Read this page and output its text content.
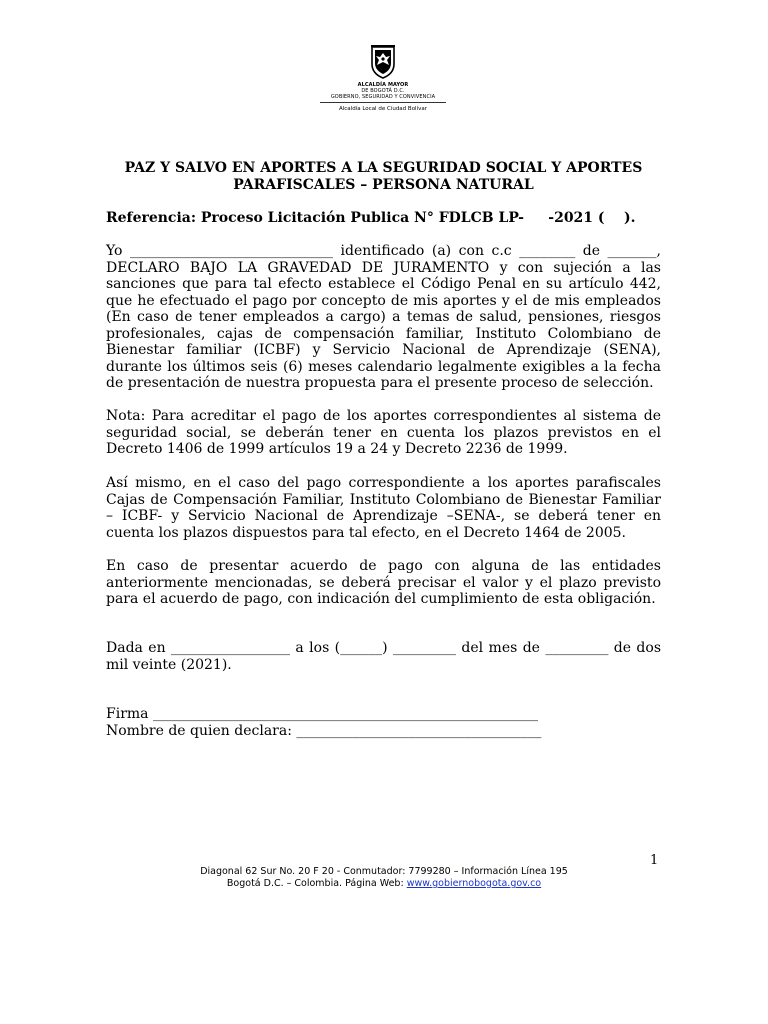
ALCALDÍA MAYOR
DE BOGOTÁ D.C.
GOBIERNO, SEGURIDAD Y CONVIVENCIA
Alcaldía Local de Ciudad Bolívar
PAZ Y SALVO EN APORTES A LA SEGURIDAD SOCIAL Y APORTES
PARAFISCALES – PERSONA NATURAL
Referencia: Proceso Licitación Publica N° FDLCB LP-     -2021 (    ).
Yo _____________________________ identificado (a) con c.c ________ de _______, DECLARO BAJO LA GRAVEDAD DE JURAMENTO y con sujeción a las sanciones que para tal efecto establece el Código Penal en su artículo 442, que he efectuado el pago por concepto de mis aportes y el de mis empleados (En caso de tener empleados a cargo) a temas de salud, pensiones, riesgos profesionales, cajas de compensación familiar, Instituto Colombiano de Bienestar familiar (ICBF) y Servicio Nacional de Aprendizaje (SENA), durante los últimos seis (6) meses calendario legalmente exigibles a la fecha de presentación de nuestra propuesta para el presente proceso de selección.
Nota: Para acreditar el pago de los aportes correspondientes al sistema de seguridad social, se deberán tener en cuenta los plazos previstos en el Decreto 1406 de 1999 artículos 19 a 24 y Decreto 2236 de 1999.
Así mismo, en el caso del pago correspondiente a los aportes parafiscales Cajas de Compensación Familiar, Instituto Colombiano de Bienestar Familiar – ICBF- y Servicio Nacional de Aprendizaje –SENA-, se deberá tener en cuenta los plazos dispuestos para tal efecto, en el Decreto 1464 de 2005.
En caso de presentar acuerdo de pago con alguna de las entidades anteriormente mencionadas, se deberá precisar el valor y el plazo previsto para el acuerdo de pago, con indicación del cumplimiento de esta obligación.
Dada en _________________ a los (______) _________ del mes de _________ de dos mil veinte (2021).
Firma _______________________________________________________
Nombre de quien declara: ___________________________________
1
Diagonal 62 Sur No. 20 F 20 - Conmutador: 7799280 – Información Línea 195
Bogotá D.C. – Colombia. Página Web: www.gobiernobogota.gov.co
